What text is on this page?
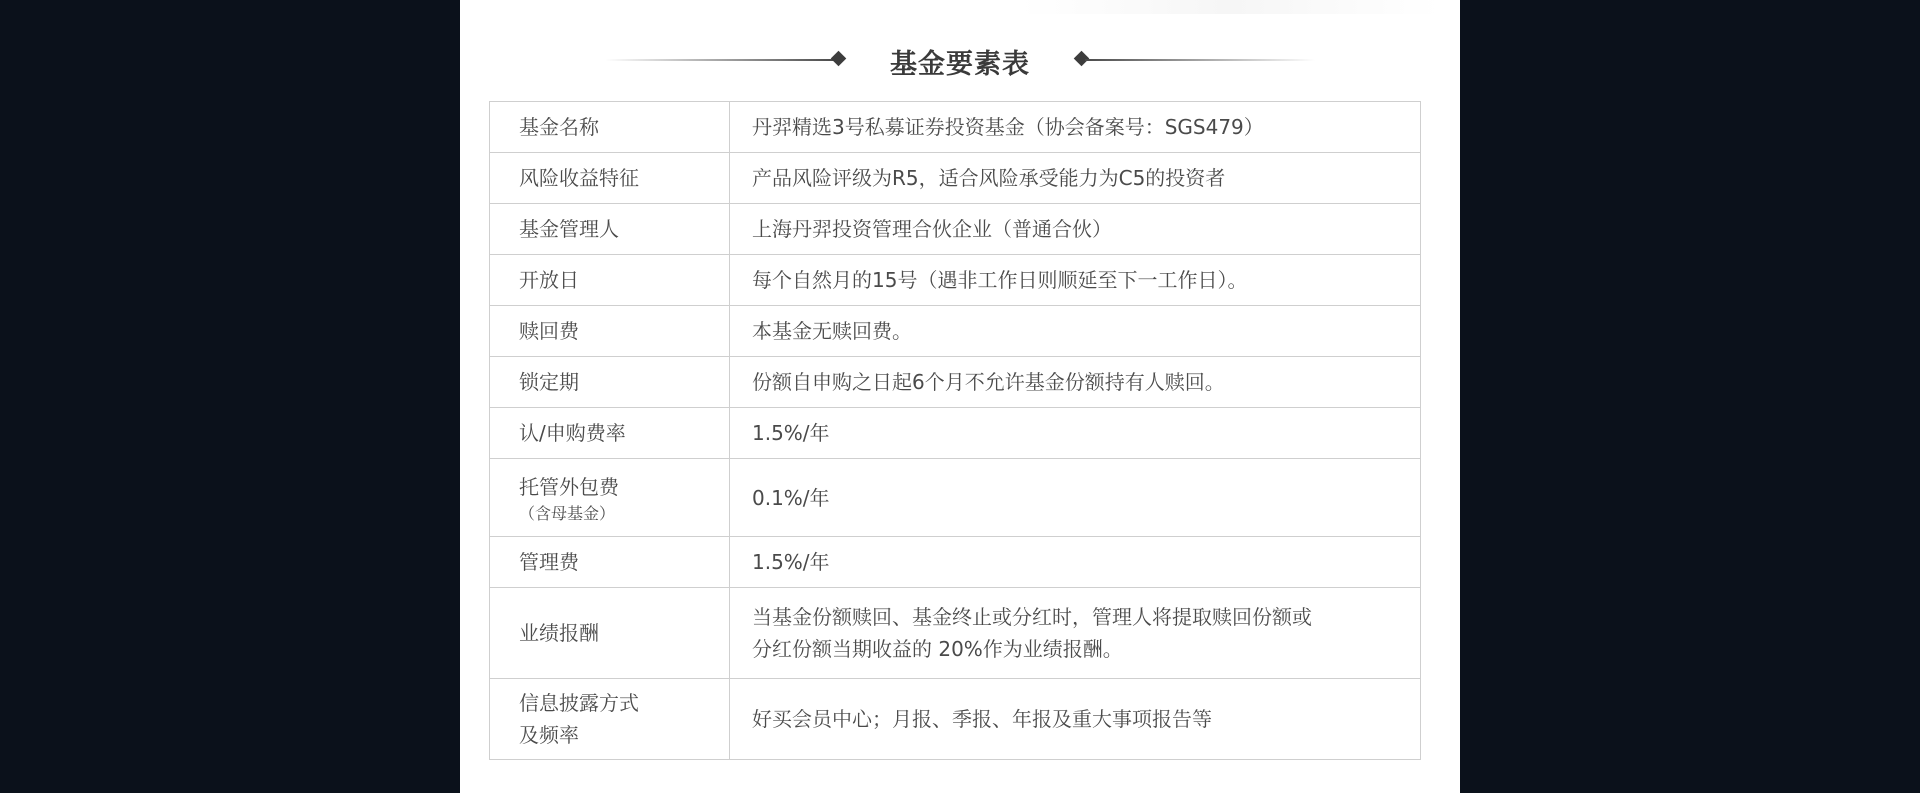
基金要素表
基金名称	丹羿精选3号私募证券投资基金（协会备案号：SGS479）
风险收益特征	产品风险评级为R5，适合风险承受能力为C5的投资者
基金管理人	上海丹羿投资管理合伙企业（普通合伙）
开放日	每个自然月的15号（遇非工作日则顺延至下一工作日）。
赎回费	本基金无赎回费。
锁定期	份额自申购之日起6个月不允许基金份额持有人赎回。
认/申购费率	1.5%/年
托管外包费
（含母基金）	0.1%/年
管理费	1.5%/年
业绩报酬	当基金份额赎回、基金终止或分红时，管理人将提取赎回份额或
分红份额当期收益的 20%作为业绩报酬。

信息披露方式
及频率	好买会员中心；月报、季报、年报及重大事项报告等
